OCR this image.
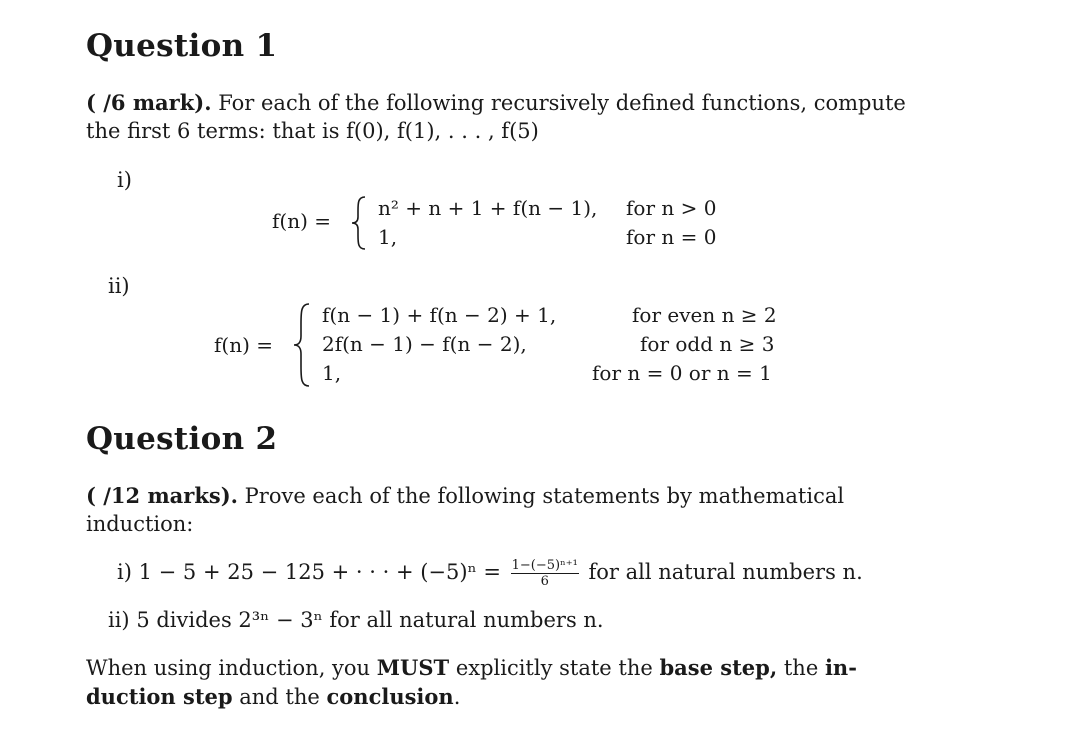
Question 1
( /6 mark). For each of the following recursively defined functions, compute
the first 6 terms: that is f(0), f(1), . . . , f(5)
i)
f(n) =
n² + n + 1 + f(n − 1), for n > 0
1,	for n = 0
ii)
f(n) =
f(n − 1) + f(n − 2) + 1,	for even n ≥ 2
2f(n − 1) − f(n − 2),	for odd n ≥ 3
1,	for n = 0 or n = 1
Question 2
( /12 marks). Prove each of the following statements by mathematical
induction:
i) 1 − 5 + 25 − 125 + · · · + $(-5)^n = \frac{\text{1−(−5)ⁿ⁺¹}}{6}$ for all natural numbers n.
ii) 5 divides 2³ⁿ − 3ⁿ for all natural numbers n.
When using induction, you MUST explicitly state the base step, the in-
duction step and the conclusion.
